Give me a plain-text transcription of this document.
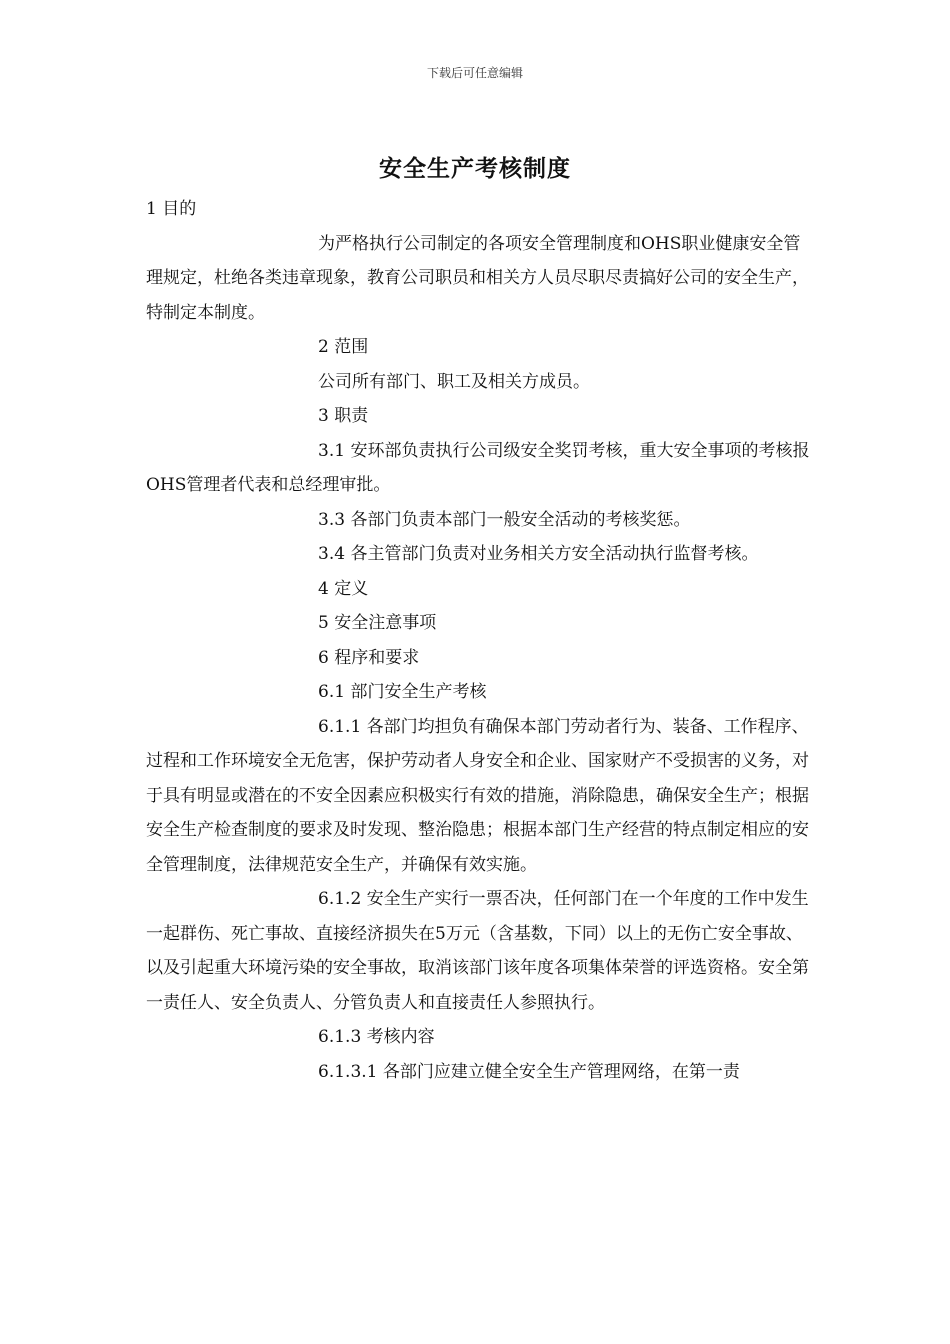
下载后可任意编辑
安全生产考核制度

1 目的

为严格执行公司制定的各项安全管理制度和OHS职业健康安全管理规定，杜绝各类违章现象，教育公司职员和相关方人员尽职尽责搞好公司的安全生产，特制定本制度。

2 范围

公司所有部门、职工及相关方成员。

3 职责

3.1 安环部负责执行公司级安全奖罚考核，重大安全事项的考核报OHS管理者代表和总经理审批。

3.3 各部门负责本部门一般安全活动的考核奖惩。

3.4 各主管部门负责对业务相关方安全活动执行监督考核。

4 定义

5 安全注意事项

6 程序和要求

6.1 部门安全生产考核

6.1.1 各部门均担负有确保本部门劳动者行为、装备、工作程序、过程和工作环境安全无危害，保护劳动者人身安全和企业、国家财产不受损害的义务，对于具有明显或潜在的不安全因素应积极实行有效的措施，消除隐患，确保安全生产；根据安全生产检查制度的要求及时发现、整治隐患；根据本部门生产经营的特点制定相应的安全管理制度，法律规范安全生产，并确保有效实施。

6.1.2 安全生产实行一票否决，任何部门在一个年度的工作中发生一起群伤、死亡事故、直接经济损失在5万元（含基数，下同）以上的无伤亡安全事故、以及引起重大环境污染的安全事故，取消该部门该年度各项集体荣誉的评选资格。安全第一责任人、安全负责人、分管负责人和直接责任人参照执行。

6.1.3 考核内容

6.1.3.1 各部门应建立健全安全生产管理网络，在第一责
